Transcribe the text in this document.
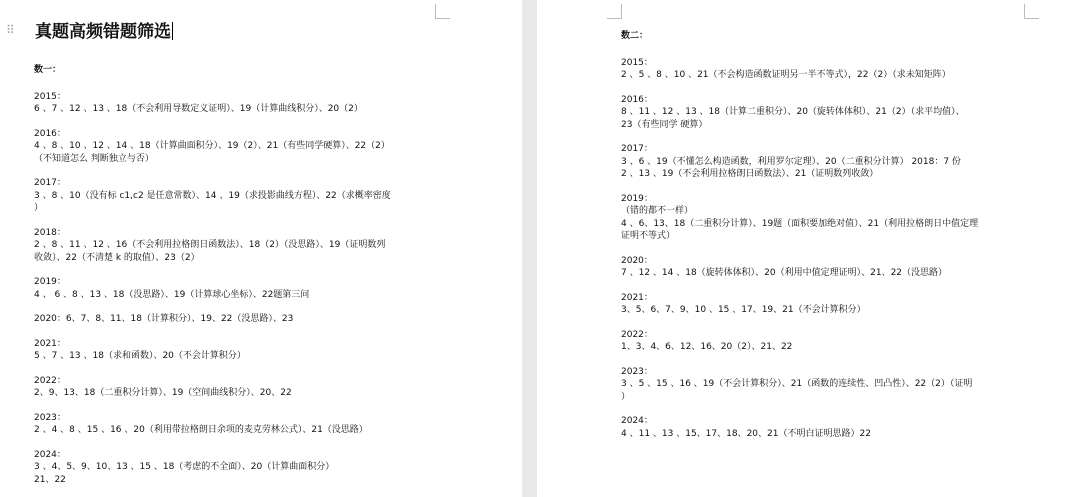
⠿ 真题高频错题筛选
数一：
2015：
6 、7 、12 、13 、18（不会利用导数定义证明）、19（计算曲线积分）、20（2）
2016：
4 、8 、10 、12 、14 、18（计算曲面积分）、19（2）、21（有些同学硬算）、22（2）
（不知道怎么 判断独立与否）
2017：
3 、8 、10（没有标 c1,c2 是任意常数）、14 、19（求投影曲线方程）、22（求概率密度
）
2018：
2 、8 、11 、12 、16（不会利用拉格朗日函数法）、18（2）（没思路）、19（证明数列
收敛）、22（不清楚 k 的取值）、23（2）
2019：
4 、 6 、8 、13 、18（没思路）、19（计算球心坐标）、22题第三问
2020：6、7、8、11、18（计算积分）、19、22（没思路）、23
2021：
5 、7 、13 、18（求和函数）、20（不会计算积分）
2022：
2、9、13、18（二重积分计算）、19（空间曲线积分）、20、22
2023：
2 、4 、8 、15 、16 、20（利用带拉格朗日余项的麦克劳林公式）、21（没思路）
2024：
3 、4、5、9、10、13 、15 、18（考虑的不全面）、20（计算曲面积分）
21、22
数二：
2015：
2 、5 、8 、10 、21（不会构造函数证明另一半不等式），22（2）（求未知矩阵）
2016：
8 、11 、12 、13 、18（计算二重积分）、20（旋转体体积）、21（2）（求平均值）、
23（有些同学 硬算）
2017：
3 、6 、19（不懂怎么构造函数，利用罗尔定理）、20（二重积分计算） 2018：7 份
2 、13 、19（不会利用拉格朗日函数法）、21（证明数列收敛）
2019：
（错的都不一样）
4 、6、13、18（二重积分计算）、19题（面积要加绝对值）、21（利用拉格朗日中值定理
证明不等式）
2020：
7 、12 、14 、18（旋转体体积）、20（利用中值定理证明）、21、22（没思路）
2021：
3、5、6、7、9、10 、15 、17、19、21（不会计算积分）
2022：
1、3、4、6、12、16、20（2）、21、22
2023：
3 、5 、15 、16 、19（不会计算积分）、21（函数的连续性、凹凸性）、22（2）（证明
）
2024：
4 、11 、13 、15、17、18、20、21（不明白证明思路）22
